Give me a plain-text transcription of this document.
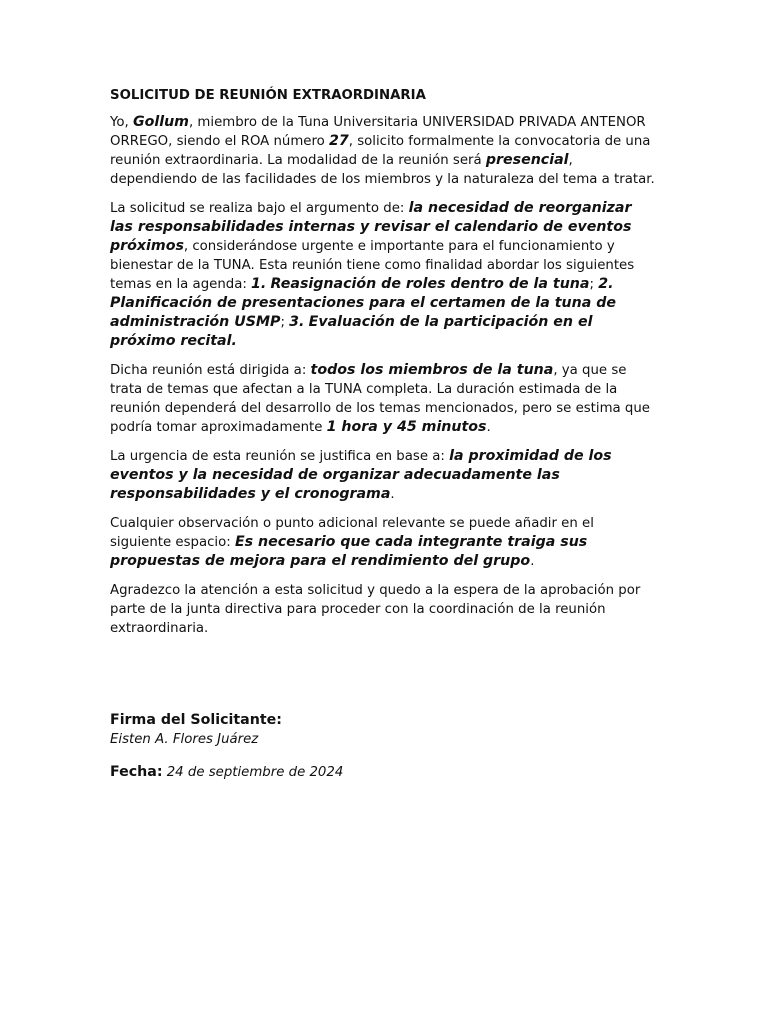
SOLICITUD DE REUNIÓN EXTRAORDINARIA

Yo, Gollum, miembro de la Tuna Universitaria UNIVERSIDAD PRIVADA ANTENOR ORREGO, siendo el ROA número 27, solicito formalmente la convocatoria de una reunión extraordinaria. La modalidad de la reunión será presencial, dependiendo de las facilidades de los miembros y la naturaleza del tema a tratar.

La solicitud se realiza bajo el argumento de: la necesidad de reorganizar las responsabilidades internas y revisar el calendario de eventos próximos, considerándose urgente e importante para el funcionamiento y bienestar de la TUNA. Esta reunión tiene como finalidad abordar los siguientes temas en la agenda: 1. Reasignación de roles dentro de la tuna; 2. Planificación de presentaciones para el certamen de la tuna de administración USMP; 3. Evaluación de la participación en el próximo recital.

Dicha reunión está dirigida a: todos los miembros de la tuna, ya que se trata de temas que afectan a la TUNA completa. La duración estimada de la reunión dependerá del desarrollo de los temas mencionados, pero se estima que podría tomar aproximadamente 1 hora y 45 minutos.

La urgencia de esta reunión se justifica en base a: la proximidad de los eventos y la necesidad de organizar adecuadamente las responsabilidades y el cronograma.

Cualquier observación o punto adicional relevante se puede añadir en el siguiente espacio: Es necesario que cada integrante traiga sus propuestas de mejora para el rendimiento del grupo.

Agradezco la atención a esta solicitud y quedo a la espera de la aprobación por parte de la junta directiva para proceder con la coordinación de la reunión extraordinaria.

Firma del Solicitante:
Eisten A. Flores Juárez
Fecha: 24 de septiembre de 2024
